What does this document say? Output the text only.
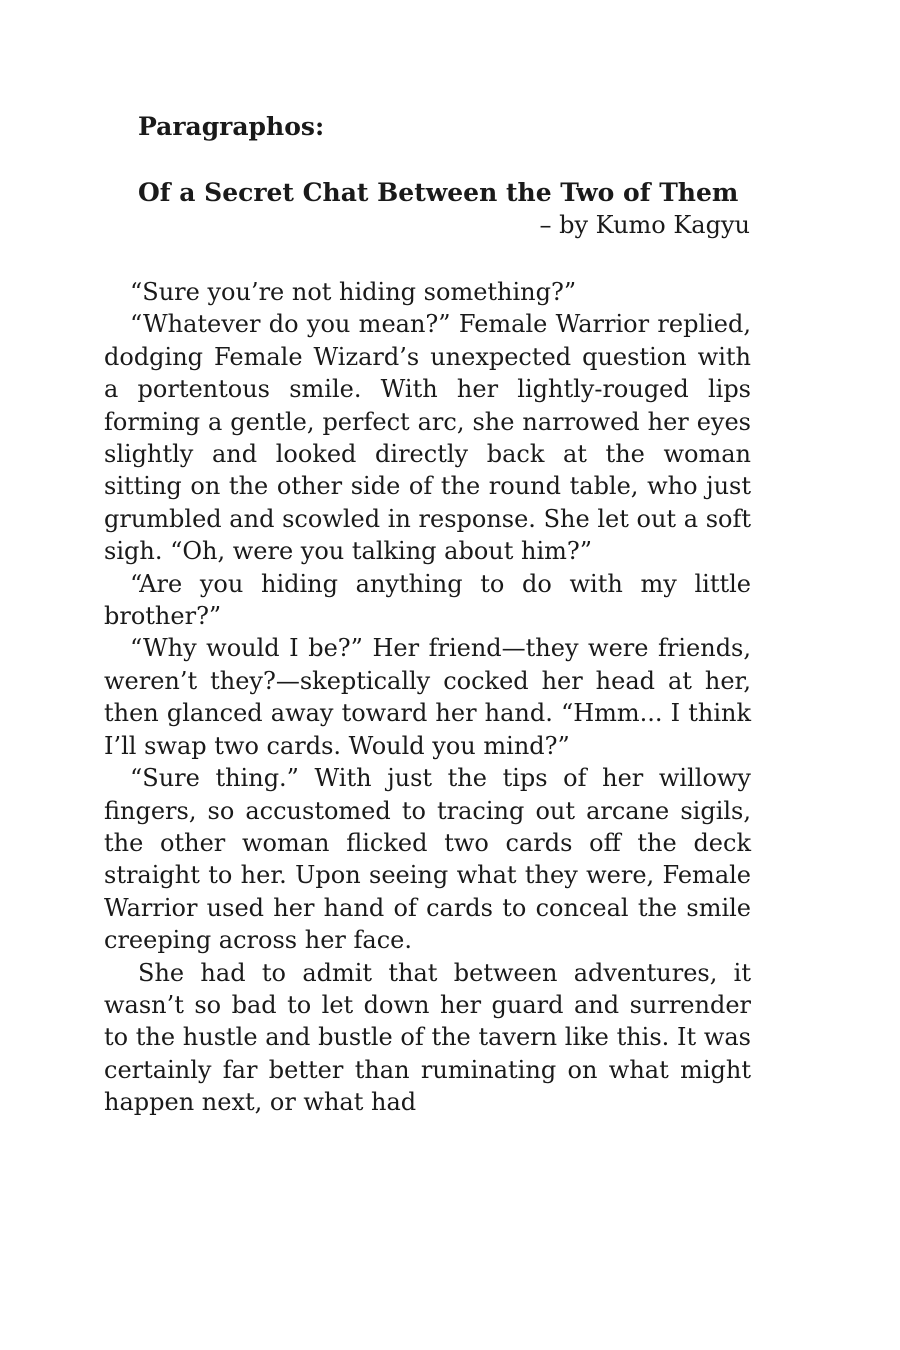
Paragraphos:
Of a Secret Chat Between the Two of Them
– by Kumo Kagyu

“Sure you’re not hiding something?”

“Whatever do you mean?” Female Warrior replied, dodging Female Wizard’s unexpected question with a portentous smile. With her lightly-rouged lips forming a gentle, perfect arc, she narrowed her eyes slightly and looked directly back at the woman sitting on the other side of the round table, who just grumbled and scowled in response. She let out a soft sigh. “Oh, were you talking about him?”

“Are you hiding anything to do with my little brother?”

“Why would I be?” Her friend—they were friends, weren’t they?—skeptically cocked her head at her, then glanced away toward her hand. “Hmm... I think I’ll swap two cards. Would you mind?”

“Sure thing.” With just the tips of her willowy fingers, so accustomed to tracing out arcane sigils, the other woman flicked two cards off the deck straight to her. Upon seeing what they were, Female Warrior used her hand of cards to conceal the smile creeping across her face.

She had to admit that between adventures, it wasn’t so bad to let down her guard and surrender to the hustle and bustle of the tavern like this. It was certainly far better than ruminating on what might happen next, or what had
